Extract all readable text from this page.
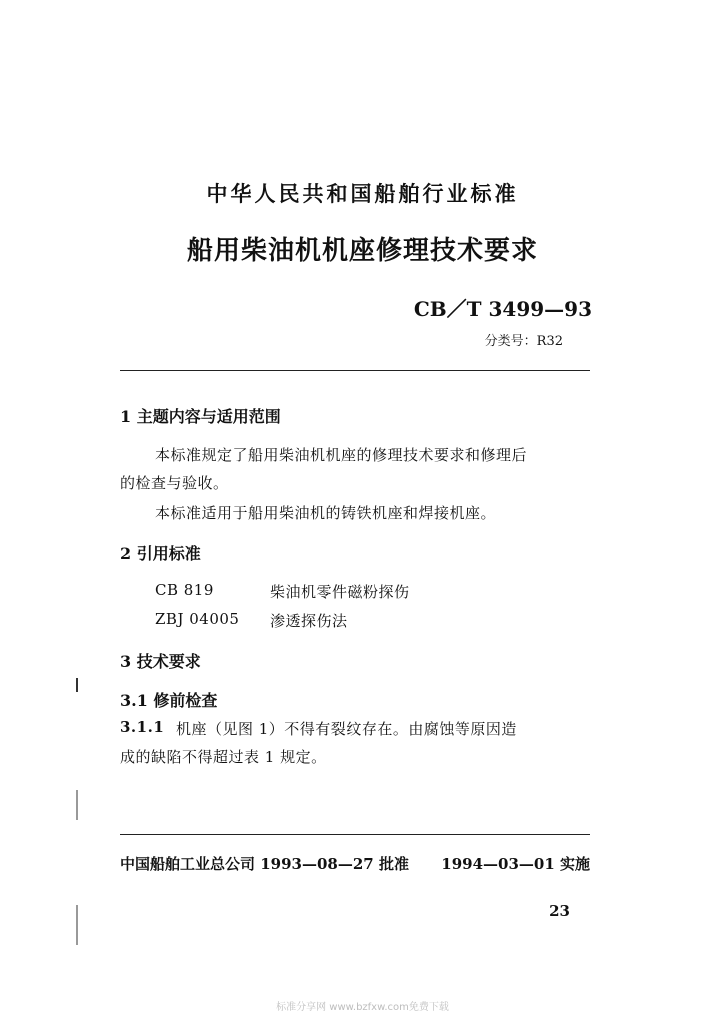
中华人民共和国船舶行业标准
船用柴油机机座修理技术要求
CB／T 3499—93
分类号：R32
1 主题内容与适用范围
本标准规定了船用柴油机机座的修理技术要求和修理后
的检查与验收。
本标准适用于船用柴油机的铸铁机座和焊接机座。
2 引用标准
CB 819	柴油机零件磁粉探伤
ZBJ 04005 渗透探伤法
3 技术要求
3.1 修前检查
3.1.1 机座（见图 1）不得有裂纹存在。由腐蚀等原因造
成的缺陷不得超过表 1 规定。
中国船舶工业总公司 1993—08—27 批准 1994—03—01 实施
23
标准分享网 www.bzfxw.com免费下载
